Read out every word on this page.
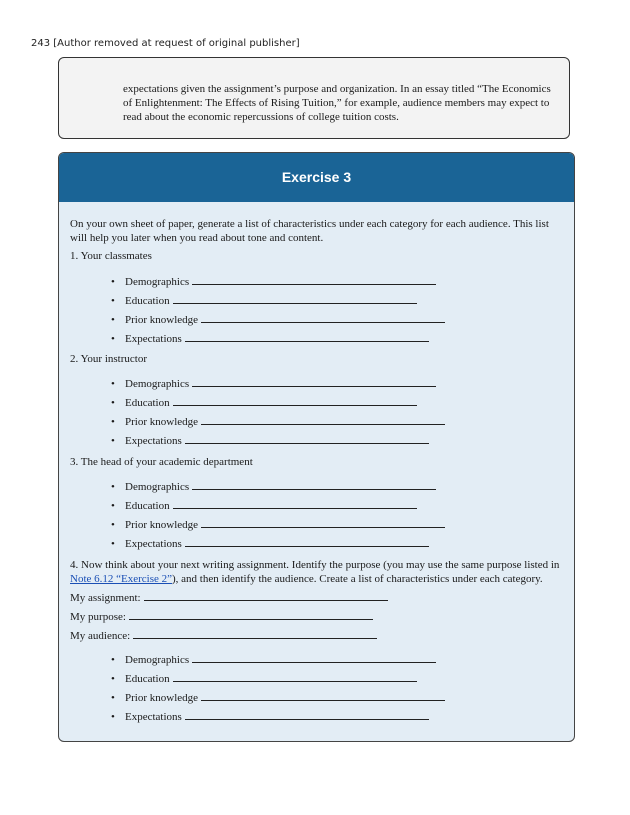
243 [Author removed at request of original publisher]

expectations given the assignment’s purpose and organization. In an essay titled “The Economics of Enlightenment: The Effects of Rising Tuition,” for example, audience members may expect to read about the economic repercussions of college tuition costs.

Exercise 3

On your own sheet of paper, generate a list of characteristics under each category for each audience. This list will help you later when you read about tone and content.

1. Your classmates
• Demographics
• Education
• Prior knowledge
• Expectations
2. Your instructor
• Demographics
• Education
• Prior knowledge
• Expectations
3. The head of your academic department
• Demographics
• Education
• Prior knowledge
• Expectations

4. Now think about your next writing assignment. Identify the purpose (you may use the same purpose listed in Note 6.12 “Exercise 2”), and then identify the audience. Create a list of characteristics under each category.

My assignment:
My purpose:
My audience:
• Demographics
• Education
• Prior knowledge
• Expectations
